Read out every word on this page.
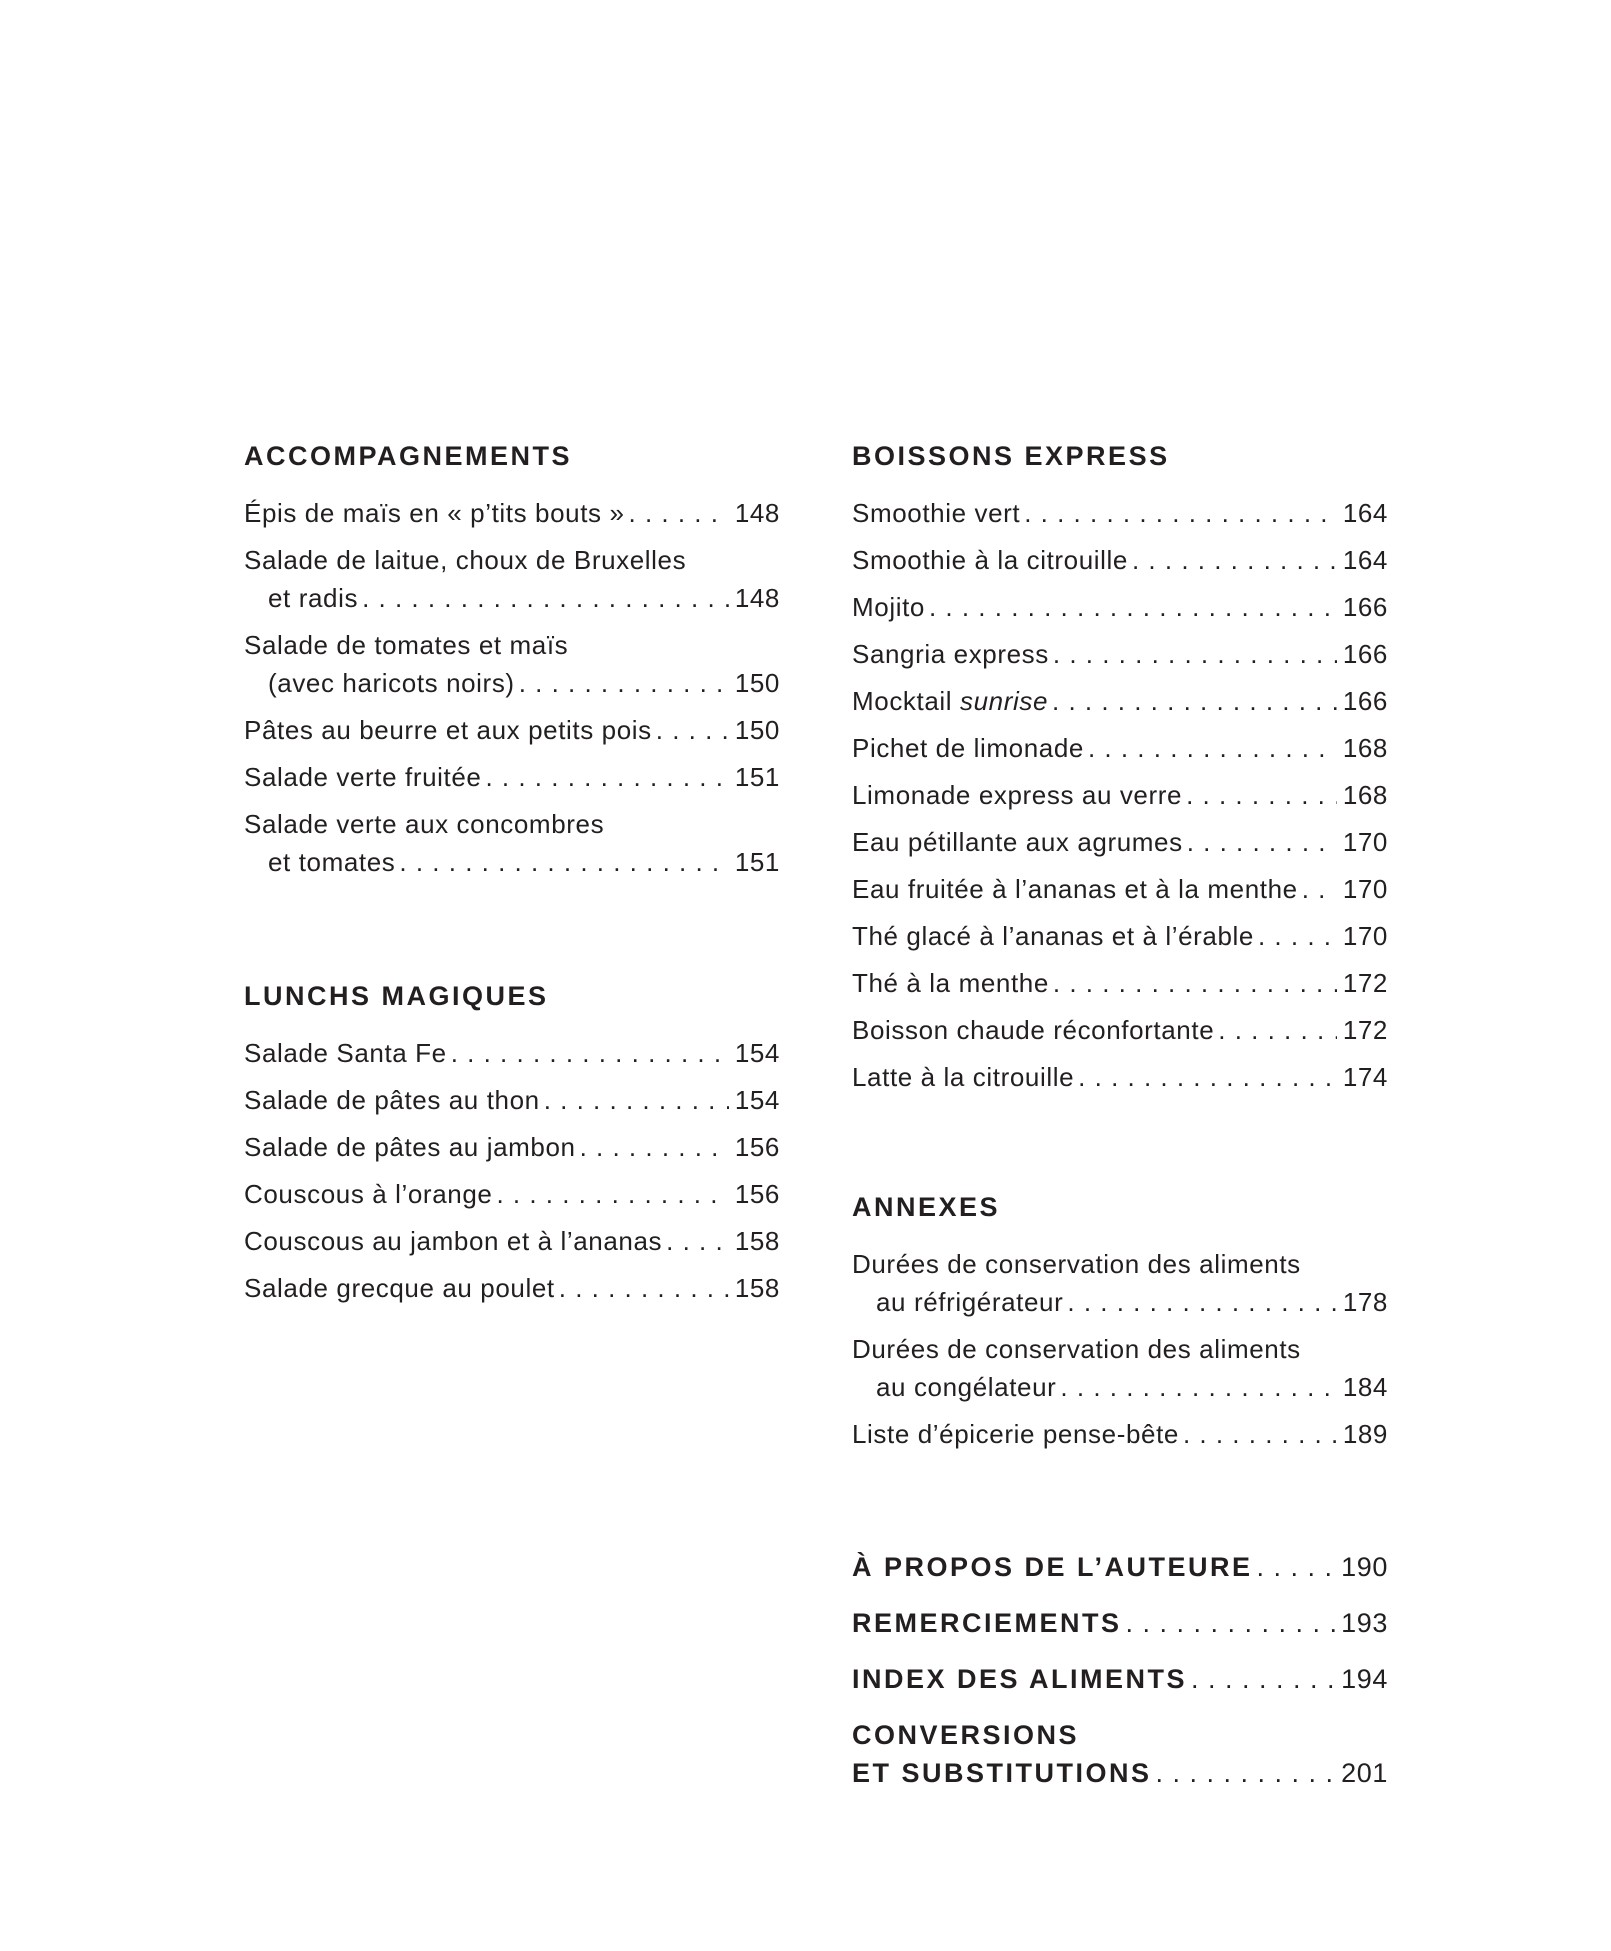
ACCOMPAGNEMENTS
Épis de maïs en « p’tits bouts » . . .	148
Salade de laitue, choux de Bruxelles
et radis . . .	148
Salade de tomates et maïs
(avec haricots noirs) . . .	150
Pâtes au beurre et aux petits pois . . .	150
Salade verte fruitée . . .	151
Salade verte aux concombres
et tomates . . .	151
LUNCHS MAGIQUES
Salade Santa Fe . . .	154
Salade de pâtes au thon . . .	154
Salade de pâtes au jambon . . .	156
Couscous à l’orange . . .	156
Couscous au jambon et à l’ananas . . .	158
Salade grecque au poulet . . .	158
BOISSONS EXPRESS
Smoothie vert . . .	164
Smoothie à la citrouille . . .	164
Mojito . . .	166
Sangria express . . .	166
Mocktail sunrise . . .	166
Pichet de limonade . . .	168
Limonade express au verre . . .	168
Eau pétillante aux agrumes . . .	170
Eau fruitée à l’ananas et à la menthe . . . 170
Thé glacé à l’ananas et à l’érable . . .	170
Thé à la menthe . . .	172
Boisson chaude réconfortante . . .	172
Latte à la citrouille . . .	174
ANNEXES
Durées de conservation des aliments
au réfrigérateur . . .	178
Durées de conservation des aliments
au congélateur . . .	184
Liste d’épicerie pense-bête . . .	189
À PROPOS DE L’AUTEURE . . .	190
REMERCIEMENTS . . .	193
INDEX DES ALIMENTS . . .	194
CONVERSIONS
ET SUBSTITUTIONS . . .	201
